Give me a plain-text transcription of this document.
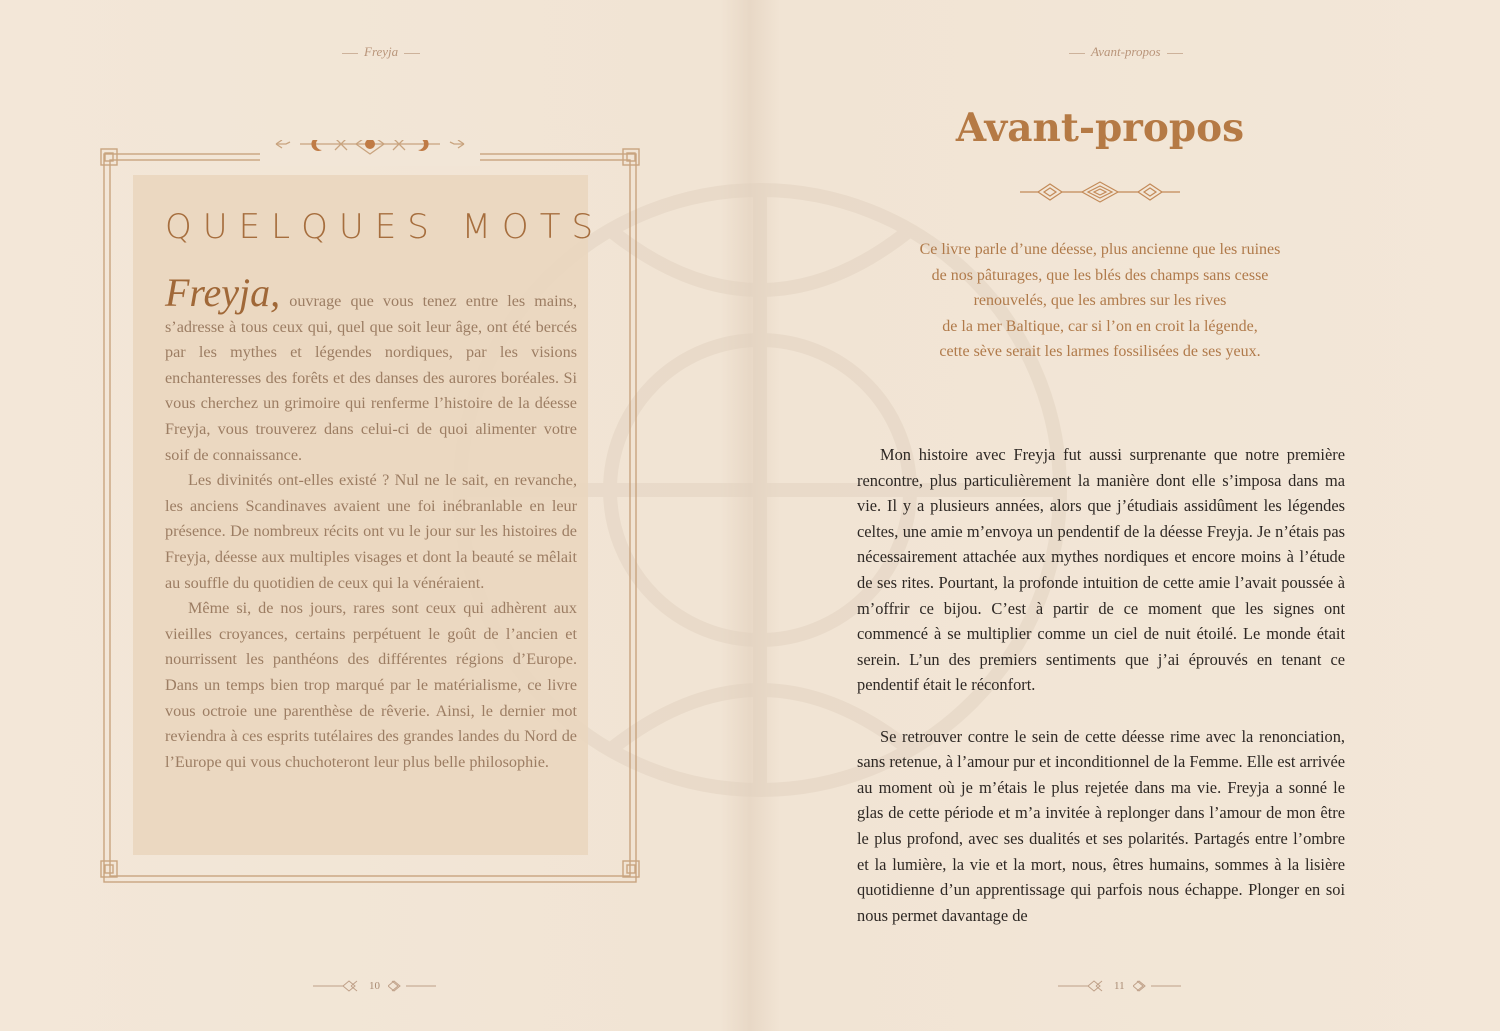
Freyja
QUELQUES MOTS

Freyja, ouvrage que vous tenez entre les mains, s’adresse à tous ceux qui, quel que soit leur âge, ont été bercés par les mythes et légendes nordiques, par les visions enchanteresses des forêts et des danses des aurores boréales. Si vous cherchez un grimoire qui renferme l’histoire de la déesse Freyja, vous trouverez dans celui-ci de quoi alimenter votre soif de connaissance.

Les divinités ont-elles existé ? Nul ne le sait, en revanche, les anciens Scandinaves avaient une foi inébranlable en leur présence. De nombreux récits ont vu le jour sur les histoires de Freyja, déesse aux multiples visages et dont la beauté se mêlait au souffle du quotidien de ceux qui la vénéraient.

Même si, de nos jours, rares sont ceux qui adhèrent aux vieilles croyances, certains perpétuent le goût de l’ancien et nourrissent les panthéons des différentes régions d’Europe. Dans un temps bien trop marqué par le matérialisme, ce livre vous octroie une parenthèse de rêverie. Ainsi, le dernier mot reviendra à ces esprits tutélaires des grandes landes du Nord de l’Europe qui vous chuchoteront leur plus belle philosophie.

10
Avant-propos
11
Avant-propos
Ce livre parle d’une déesse, plus ancienne que les ruines
de nos pâturages, que les blés des champs sans cesse
renouvelés, que les ambres sur les rives
de la mer Baltique, car si l’on en croit la légende,
cette sève serait les larmes fossilisées de ses yeux.

Mon histoire avec Freyja fut aussi surprenante que notre première rencontre, plus particulièrement la manière dont elle s’imposa dans ma vie. Il y a plusieurs années, alors que j’étudiais assidûment les légendes celtes, une amie m’envoya un pendentif de la déesse Freyja. Je n’étais pas nécessairement attachée aux mythes nordiques et encore moins à l’étude de ses rites. Pourtant, la profonde intuition de cette amie l’avait poussée à m’offrir ce bijou. C’est à partir de ce moment que les signes ont commencé à se multiplier comme un ciel de nuit étoilé. Le monde était serein. L’un des premiers sentiments que j’ai éprouvés en tenant ce pendentif était le réconfort.

Se retrouver contre le sein de cette déesse rime avec la renonciation, sans retenue, à l’amour pur et inconditionnel de la Femme. Elle est arrivée au moment où je m’étais le plus rejetée dans ma vie. Freyja a sonné le glas de cette période et m’a invitée à replonger dans l’amour de mon être le plus profond, avec ses dualités et ses polarités. Partagés entre l’ombre et la lumière, la vie et la mort, nous, êtres humains, sommes à la lisière quotidienne d’un apprentissage qui parfois nous échappe. Plonger en soi nous permet davantage de
